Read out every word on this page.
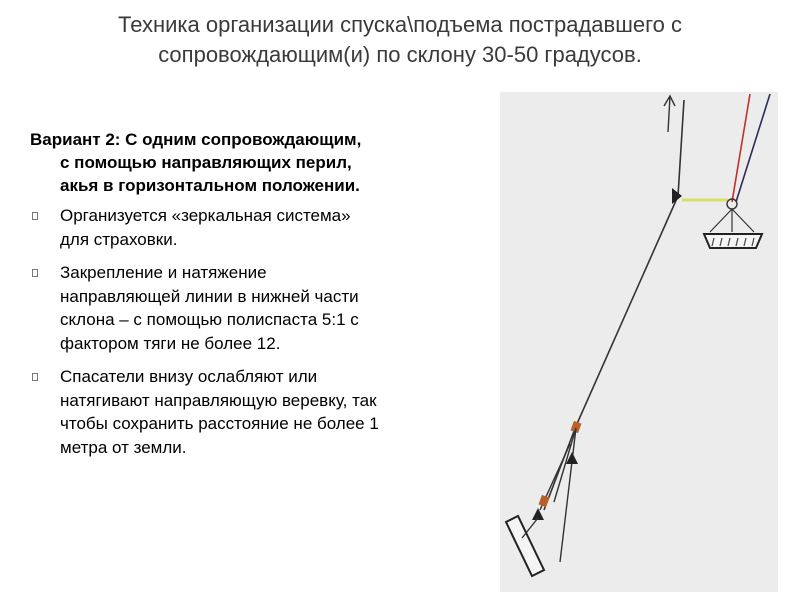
Техника организации спуска\подъема пострадавшего с
сопровождающим(и) по склону 30-50 градусов.
Вариант 2: С одним сопровождающим,
с помощью направляющих перил,
акья в горизонтальном положении.
Организуется «зеркальная система»
для страховки.
Закрепление и натяжение
направляющей линии в нижней части
склона – с помощью полиспаста 5:1 с
фактором тяги не более 12.
Спасатели внизу ослабляют или
натягивают направляющую веревку, так
чтобы сохранить расстояние не более 1
метра от земли.
